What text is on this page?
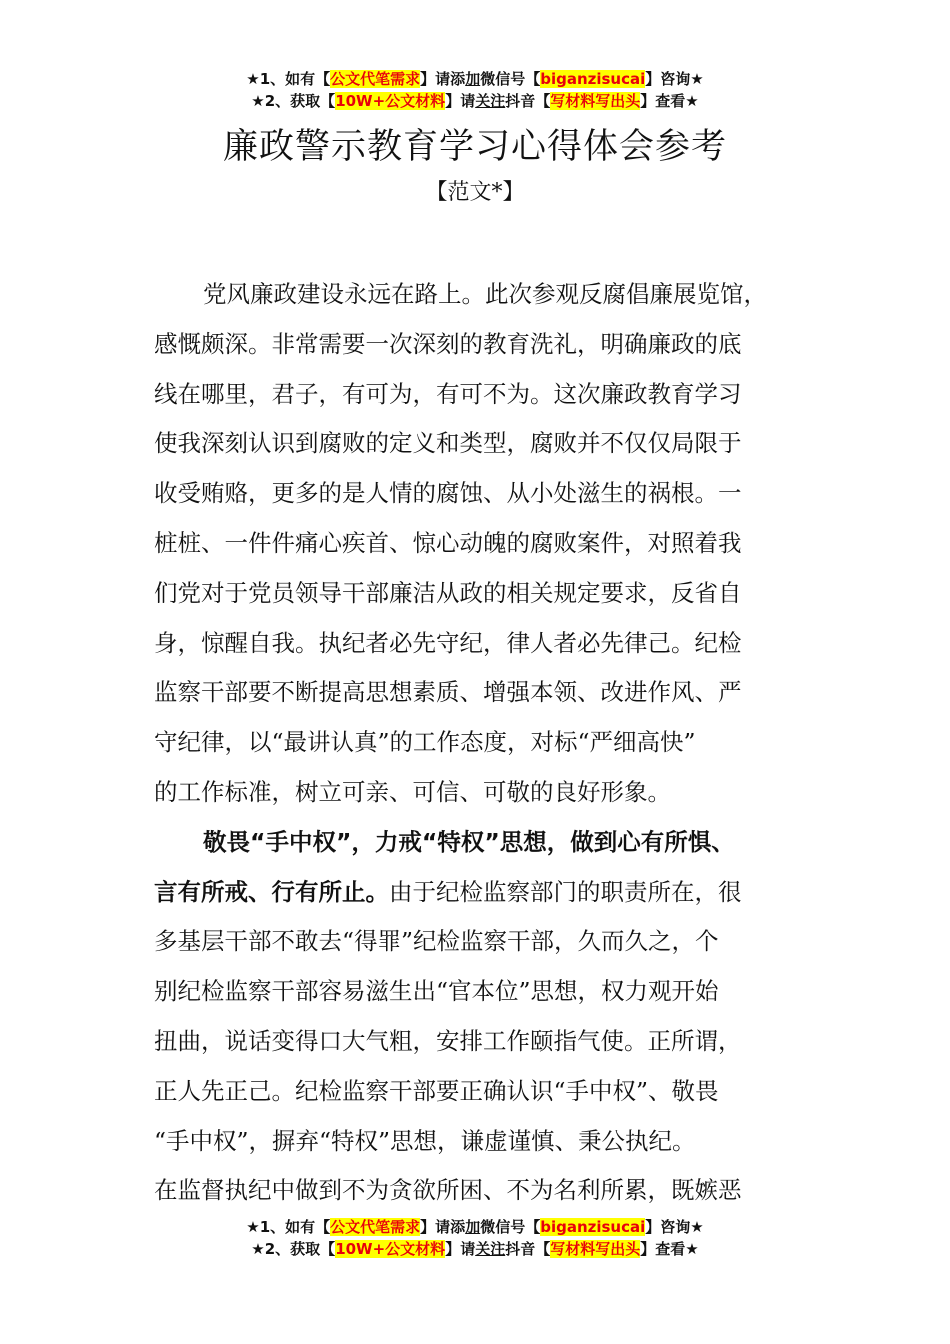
★1、如有【公文代笔需求】请添加微信号【biganzisucai】咨询★
★2、获取【10W+公文材料】请关注抖音【写材料写出头】查看★
廉政警示教育学习心得体会参考
【范文*】
党风廉政建设永远在路上。此次参观反腐倡廉展览馆，
感慨颇深。非常需要一次深刻的教育洗礼，明确廉政的底
线在哪里，君子，有可为，有可不为。这次廉政教育学习
使我深刻认识到腐败的定义和类型，腐败并不仅仅局限于
收受贿赂，更多的是人情的腐蚀、从小处滋生的祸根。一
桩桩、一件件痛心疾首、惊心动魄的腐败案件，对照着我
们党对于党员领导干部廉洁从政的相关规定要求，反省自
身，惊醒自我。执纪者必先守纪，律人者必先律己。纪检
监察干部要不断提高思想素质、增强本领、改进作风、严
守纪律，以“最讲认真”的工作态度，对标“严细高快”
的工作标准，树立可亲、可信、可敬的良好形象。
敬畏“手中权”，力戒“特权”思想，做到心有所惧、
言有所戒、行有所止。由于纪检监察部门的职责所在，很
多基层干部不敢去“得罪”纪检监察干部，久而久之，个
别纪检监察干部容易滋生出“官本位”思想，权力观开始
扭曲，说话变得口大气粗，安排工作颐指气使。正所谓，
正人先正己。纪检监察干部要正确认识“手中权”、敬畏
“手中权”，摒弃“特权”思想，谦虚谨慎、秉公执纪。
在监督执纪中做到不为贪欲所困、不为名利所累，既嫉恶
★1、如有【公文代笔需求】请添加微信号【biganzisucai】咨询★
★2、获取【10W+公文材料】请关注抖音【写材料写出头】查看★
